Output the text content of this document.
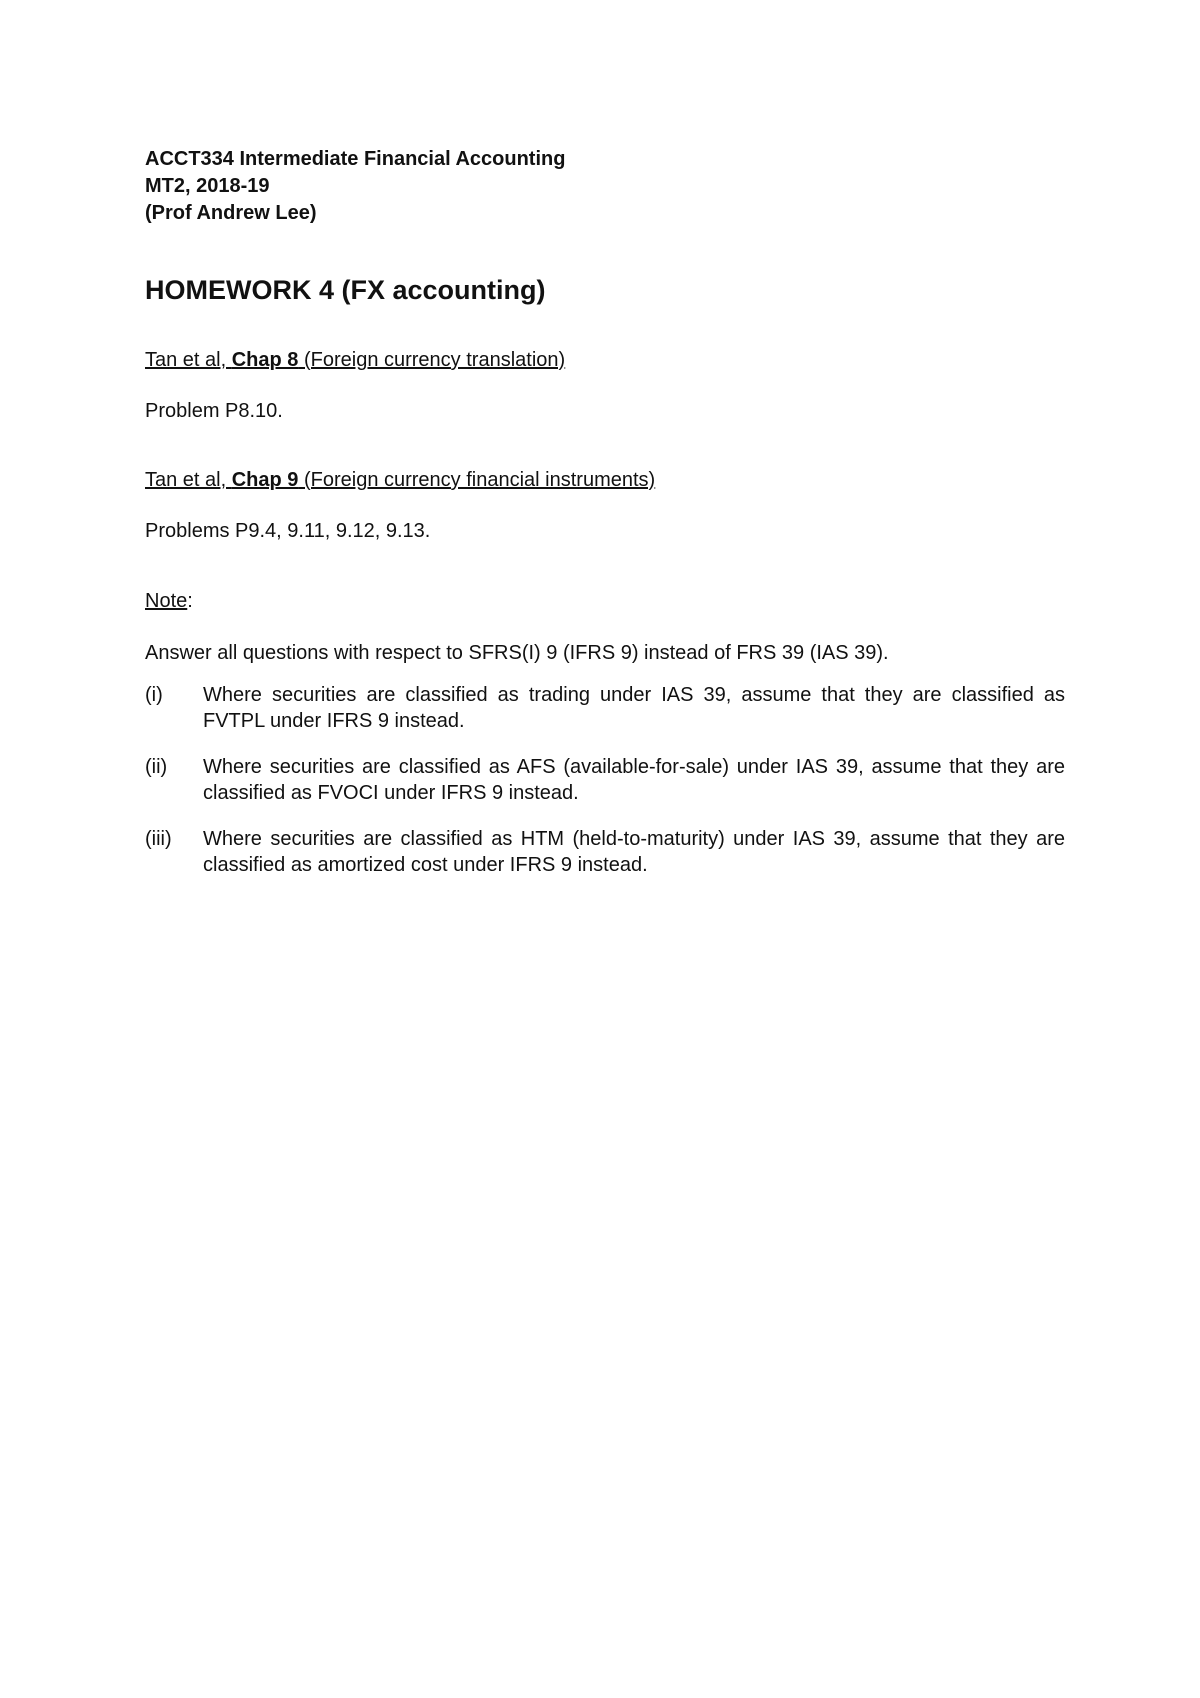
ACCT334 Intermediate Financial Accounting
MT2, 2018-19
(Prof Andrew Lee)
HOMEWORK 4 (FX accounting)
Tan et al, Chap 8 (Foreign currency translation)
Problem P8.10.
Tan et al, Chap 9 (Foreign currency financial instruments)
Problems P9.4, 9.11, 9.12, 9.13.
Note:
Answer all questions with respect to SFRS(I) 9 (IFRS 9) instead of FRS 39 (IAS 39).
(i)	Where securities are classified as trading under IAS 39, assume that they are classified as FVTPL under IFRS 9 instead.
(ii)	Where securities are classified as AFS (available-for-sale) under IAS 39, assume that they are classified as FVOCI under IFRS 9 instead.
(iii)	Where securities are classified as HTM (held-to-maturity) under IAS 39, assume that they are classified as amortized cost under IFRS 9 instead.
